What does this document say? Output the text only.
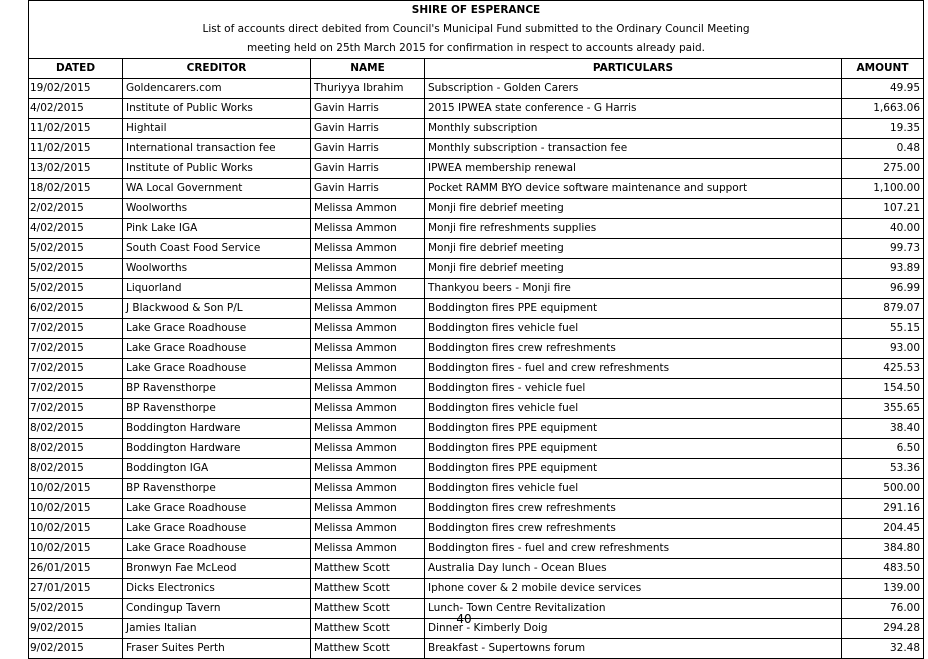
SHIRE OF ESPERANCE				
List of accounts direct debited from Council's Municipal Fund submitted to the Ordinary Council Meeting				
meeting held on 25th March 2015 for confirmation in respect to accounts already paid.				
DATED	CREDITOR	NAME	PARTICULARS	AMOUNT
19/02/2015	Goldencarers.com	Thuriyya Ibrahim	Subscription - Golden Carers	49.95
4/02/2015	Institute of Public Works	Gavin Harris	2015 IPWEA state conference - G Harris	1,663.06
11/02/2015	Hightail	Gavin Harris	Monthly subscription	19.35
11/02/2015	International transaction fee	Gavin Harris	Monthly subscription - transaction fee	0.48
13/02/2015	Institute of Public Works	Gavin Harris	IPWEA membership renewal	275.00
18/02/2015	WA Local Government	Gavin Harris	Pocket RAMM BYO device software maintenance and support	1,100.00
2/02/2015	Woolworths	Melissa Ammon	Monji fire debrief meeting	107.21
4/02/2015	Pink Lake IGA	Melissa Ammon	Monji fire refreshments supplies	40.00
5/02/2015	South Coast Food Service	Melissa Ammon	Monji fire debrief meeting	99.73
5/02/2015	Woolworths	Melissa Ammon	Monji fire debrief meeting	93.89
5/02/2015	Liquorland	Melissa Ammon	Thankyou beers - Monji fire	96.99
6/02/2015	J Blackwood & Son P/L	Melissa Ammon	Boddington fires PPE equipment	879.07
7/02/2015	Lake Grace Roadhouse	Melissa Ammon	Boddington fires vehicle fuel	55.15
7/02/2015	Lake Grace Roadhouse	Melissa Ammon	Boddington fires crew refreshments	93.00
7/02/2015	Lake Grace Roadhouse	Melissa Ammon	Boddington fires - fuel and crew refreshments	425.53
7/02/2015	BP Ravensthorpe	Melissa Ammon	Boddington fires - vehicle fuel	154.50
7/02/2015	BP Ravensthorpe	Melissa Ammon	Boddington fires vehicle fuel	355.65
8/02/2015	Boddington Hardware	Melissa Ammon	Boddington fires PPE equipment	38.40
8/02/2015	Boddington Hardware	Melissa Ammon	Boddington fires PPE equipment	6.50
8/02/2015	Boddington IGA	Melissa Ammon	Boddington fires PPE equipment	53.36
10/02/2015	BP Ravensthorpe	Melissa Ammon	Boddington fires vehicle fuel	500.00
10/02/2015	Lake Grace Roadhouse	Melissa Ammon	Boddington fires crew refreshments	291.16
10/02/2015	Lake Grace Roadhouse	Melissa Ammon	Boddington fires crew refreshments	204.45
10/02/2015	Lake Grace Roadhouse	Melissa Ammon	Boddington fires - fuel and crew refreshments	384.80
26/01/2015	Bronwyn Fae McLeod	Matthew Scott	Australia Day lunch - Ocean Blues	483.50
27/01/2015	Dicks Electronics	Matthew Scott	Iphone cover & 2 mobile device services	139.00
5/02/2015	Condingup Tavern	Matthew Scott	Lunch- Town Centre Revitalization	76.00
9/02/2015	Jamies Italian	Matthew Scott	Dinner - Kimberly Doig	294.28
9/02/2015	Fraser Suites Perth	Matthew Scott	Breakfast - Supertowns forum	32.48
40
